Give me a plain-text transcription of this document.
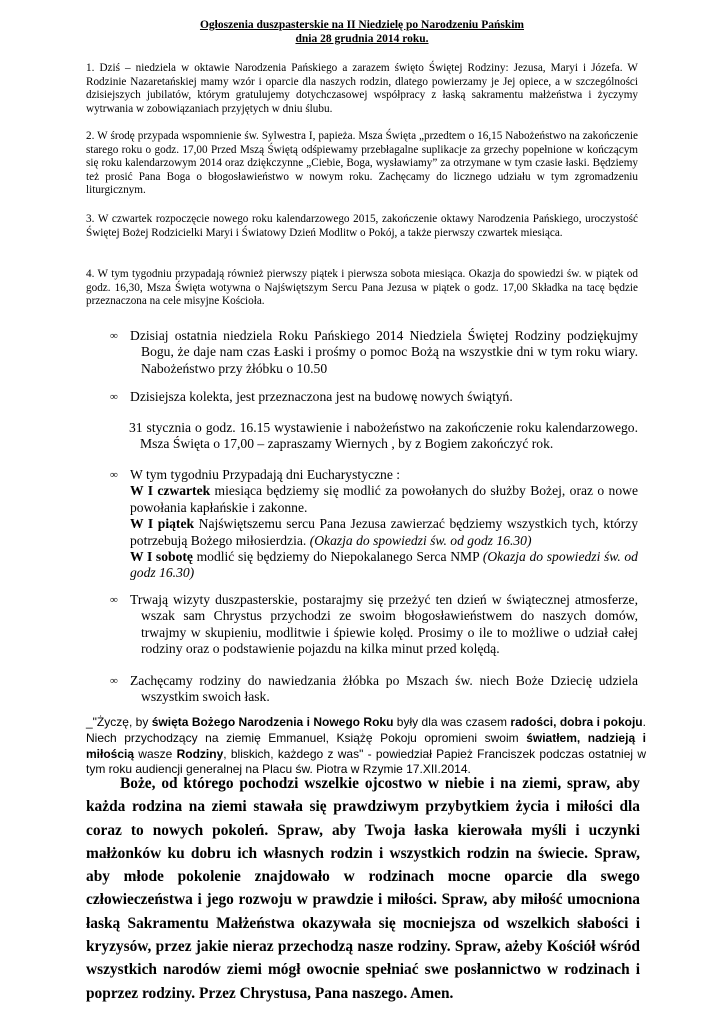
Ogłoszenia duszpasterskie na II Niedzielę po Narodzeniu Pańskim
dnia 28 grudnia 2014 roku.
1. Dziś – niedziela w oktawie Narodzenia Pańskiego a zarazem święto Świętej Rodziny: Jezusa, Maryi i Józefa. W Rodzinie Nazaretańskiej mamy wzór i oparcie dla naszych rodzin, dlatego powierzamy je Jej opiece, a w szczególności dzisiejszych jubilatów, którym gratulujemy dotychczasowej współpracy z łaską sakramentu małżeństwa i życzymy wytrwania w zobowiązaniach przyjętych w dniu ślubu.
2. W środę przypada wspomnienie św. Sylwestra I, papieża. Msza Święta „przedtem o 16,15 Nabożeństwo na zakończenie starego roku o godz. 17,00 Przed Mszą Świętą odśpiewamy przebłagalne suplikacje za grzechy popełnione w kończącym się roku kalendarzowym 2014 oraz dziękczynne „Ciebie, Boga, wysławiamy” za otrzymane w tym czasie łaski. Będziemy też prosić Pana Boga o błogosławieństwo w nowym roku. Zachęcamy do licznego udziału w tym zgromadzeniu liturgicznym.
3. W czwartek rozpoczęcie nowego roku kalendarzowego 2015, zakończenie oktawy Narodzenia Pańskiego, uroczystość Świętej Bożej Rodzicielki Maryi i Światowy Dzień Modlitw o Pokój, a także pierwszy czwartek miesiąca.
4. W tym tygodniu przypadają również pierwszy piątek i pierwsza sobota miesiąca. Okazja do spowiedzi św. w piątek od godz. 16,30, Msza Święta wotywna o Najświętszym Sercu Pana Jezusa w piątek o godz. 17,00 Składka na tacę będzie przeznaczona na cele misyjne Kościoła.
∞ Dzisiaj ostatnia niedziela Roku Pańskiego 2014 Niedziela Świętej Rodziny podziękujmy Bogu, że daje nam czas Łaski i prośmy o pomoc Bożą na wszystkie dni w tym roku wiary. Nabożeństwo przy żłóbku o 10.50
∞ Dzisiejsza kolekta, jest przeznaczona jest na budowę nowych świątyń.
31 stycznia o godz. 16.15 wystawienie i nabożeństwo na zakończenie roku kalendarzowego. Msza Święta o 17,00 – zapraszamy Wiernych , by z Bogiem zakończyć rok.
∞ W tym tygodniu Przypadają dni Eucharystyczne :
W I czwartek miesiąca będziemy się modlić za powołanych do służby Bożej, oraz o nowe powołania kapłańskie i zakonne.
W I piątek Najświętszemu sercu Pana Jezusa zawierzać będziemy wszystkich tych, którzy potrzebują Bożego miłosierdzia. (Okazja do spowiedzi św. od godz 16.30)
W I sobotę modlić się będziemy do Niepokalanego Serca NMP (Okazja do spowiedzi św. od godz 16.30)
∞ Trwają wizyty duszpasterskie, postarajmy się przeżyć ten dzień w świątecznej atmosferze, wszak sam Chrystus przychodzi ze swoim błogosławieństwem do naszych domów, trwajmy w skupieniu, modlitwie i śpiewie kolęd. Prosimy o ile to możliwe o udział całej rodziny oraz o podstawienie pojazdu na kilka minut przed kolędą.
∞ Zachęcamy rodziny do nawiedzania żłóbka po Mszach św. niech Boże Dziecię udziela wszystkim swoich łask.
_"Życzę, by święta Bożego Narodzenia i Nowego Roku były dla was czasem radości, dobra i pokoju. Niech przychodzący na ziemię Emmanuel, Książę Pokoju opromieni swoim światłem, nadzieją i miłością wasze Rodziny, bliskich, każdego z was" - powiedział Papież Franciszek podczas ostatniej w tym roku audiencji generalnej na Placu św. Piotra w Rzymie 17.XII.2014.
Boże, od którego pochodzi wszelkie ojcostwo w niebie i na ziemi, spraw, aby każda rodzina na ziemi stawała się prawdziwym przybytkiem życia i miłości dla coraz to nowych pokoleń. Spraw, aby Twoja łaska kierowała myśli i uczynki małżonków ku dobru ich własnych rodzin i wszystkich rodzin na świecie. Spraw, aby młode pokolenie znajdowało w rodzinach mocne oparcie dla swego człowieczeństwa i jego rozwoju w prawdzie i miłości. Spraw, aby miłość umocniona łaską Sakramentu Małżeństwa okazywała się mocniejsza od wszelkich słabości i kryzysów, przez jakie nieraz przechodzą nasze rodziny. Spraw, ażeby Kościół wśród wszystkich narodów ziemi mógł owocnie spełniać swe posłannictwo w rodzinach i poprzez rodziny. Przez Chrystusa, Pana naszego. Amen.
